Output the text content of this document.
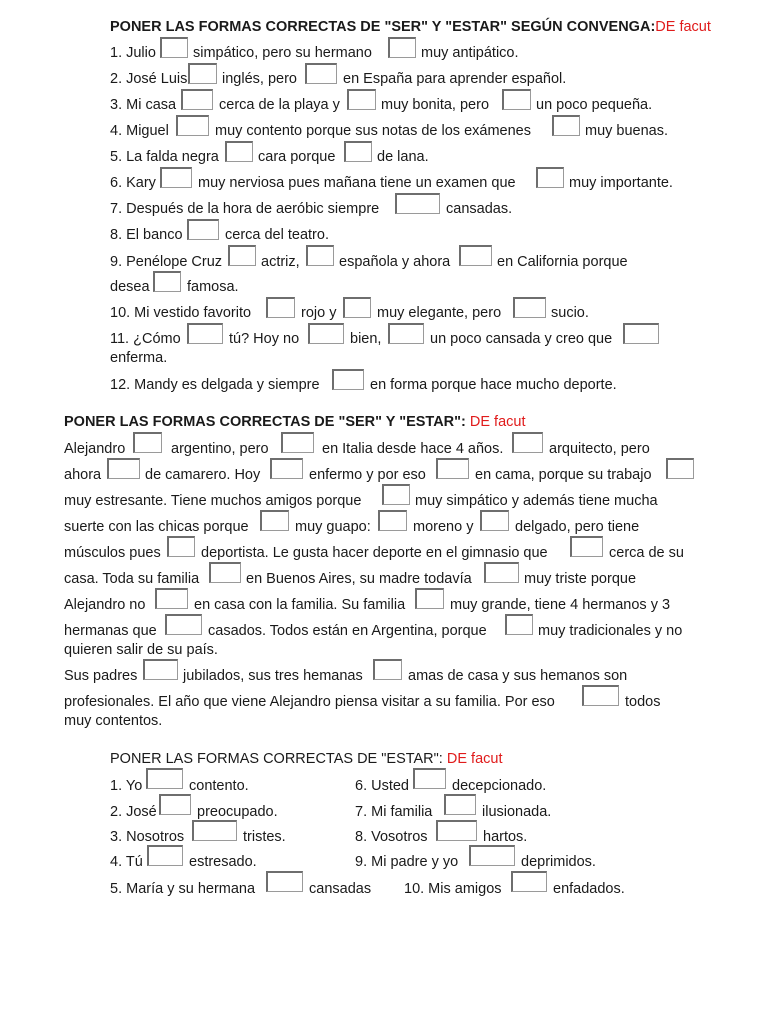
PONER LAS FORMAS CORRECTAS DE "SER" Y "ESTAR" SEGÚN CONVENGA:DE facut
1. Julio	simpático, pero su hermano	muy antipático.
2. José Luis inglés, pero	en España para aprender español.
3. Mi casa	cerca de la playa y	muy bonita, pero	un poco pequeña.
4. Miguel	muy contento porque sus notas de los exámenes	muy buenas.
5. La falda negra	cara porque	de lana.
6. Kary	muy nerviosa pues mañana tiene un examen que	muy importante.
7. Después de la hora de aeróbic siempre	cansadas.
8. El banco	cerca del teatro.
9. Penélope Cruz	actriz,	española y ahora	en California porque
desea	famosa.
10. Mi vestido favorito	rojo y	muy elegante, pero	sucio.
11. ¿Cómo	tú? Hoy no	bien,	un poco cansada y creo que
enferma.
12. Mandy es delgada y siempre	en forma porque hace mucho deporte.
PONER LAS FORMAS CORRECTAS DE "SER" Y "ESTAR": DE facut
Alejandro	argentino, pero	en Italia desde hace 4 años.	arquitecto, pero
ahora	de camarero. Hoy	enfermo y por eso	en cama, porque su trabajo
muy estresante. Tiene muchos amigos porque	muy simpático y además tiene mucha
suerte con las chicas porque	muy guapo:	moreno y	delgado, pero tiene
músculos pues	deportista. Le gusta hacer deporte en el gimnasio que	cerca de su
casa. Toda su familia	en Buenos Aires, su madre todavía	muy triste porque
Alejandro no	en casa con la familia. Su familia	muy grande, tiene 4 hermanos y 3
hermanas que	casados. Todos están en Argentina, porque	muy tradicionales y no
quieren salir de su país.
Sus padres	jubilados, sus tres hemanas	amas de casa y sus hemanos son
profesionales. El año que viene Alejandro piensa visitar a su familia. Por eso	todos
muy contentos.
PONER LAS FORMAS CORRECTAS DE "ESTAR": DE facut
1. Yo	contento.
2. José	preocupado.
3. Nosotros	tristes.
4. Tú	estresado.
5. María y su hermana	cansadas
6. Usted	decepcionado.
7. Mi familia	ilusionada.
8. Vosotros	hartos.
9. Mi padre y yo	deprimidos.
10. Mis amigos	enfadados.
